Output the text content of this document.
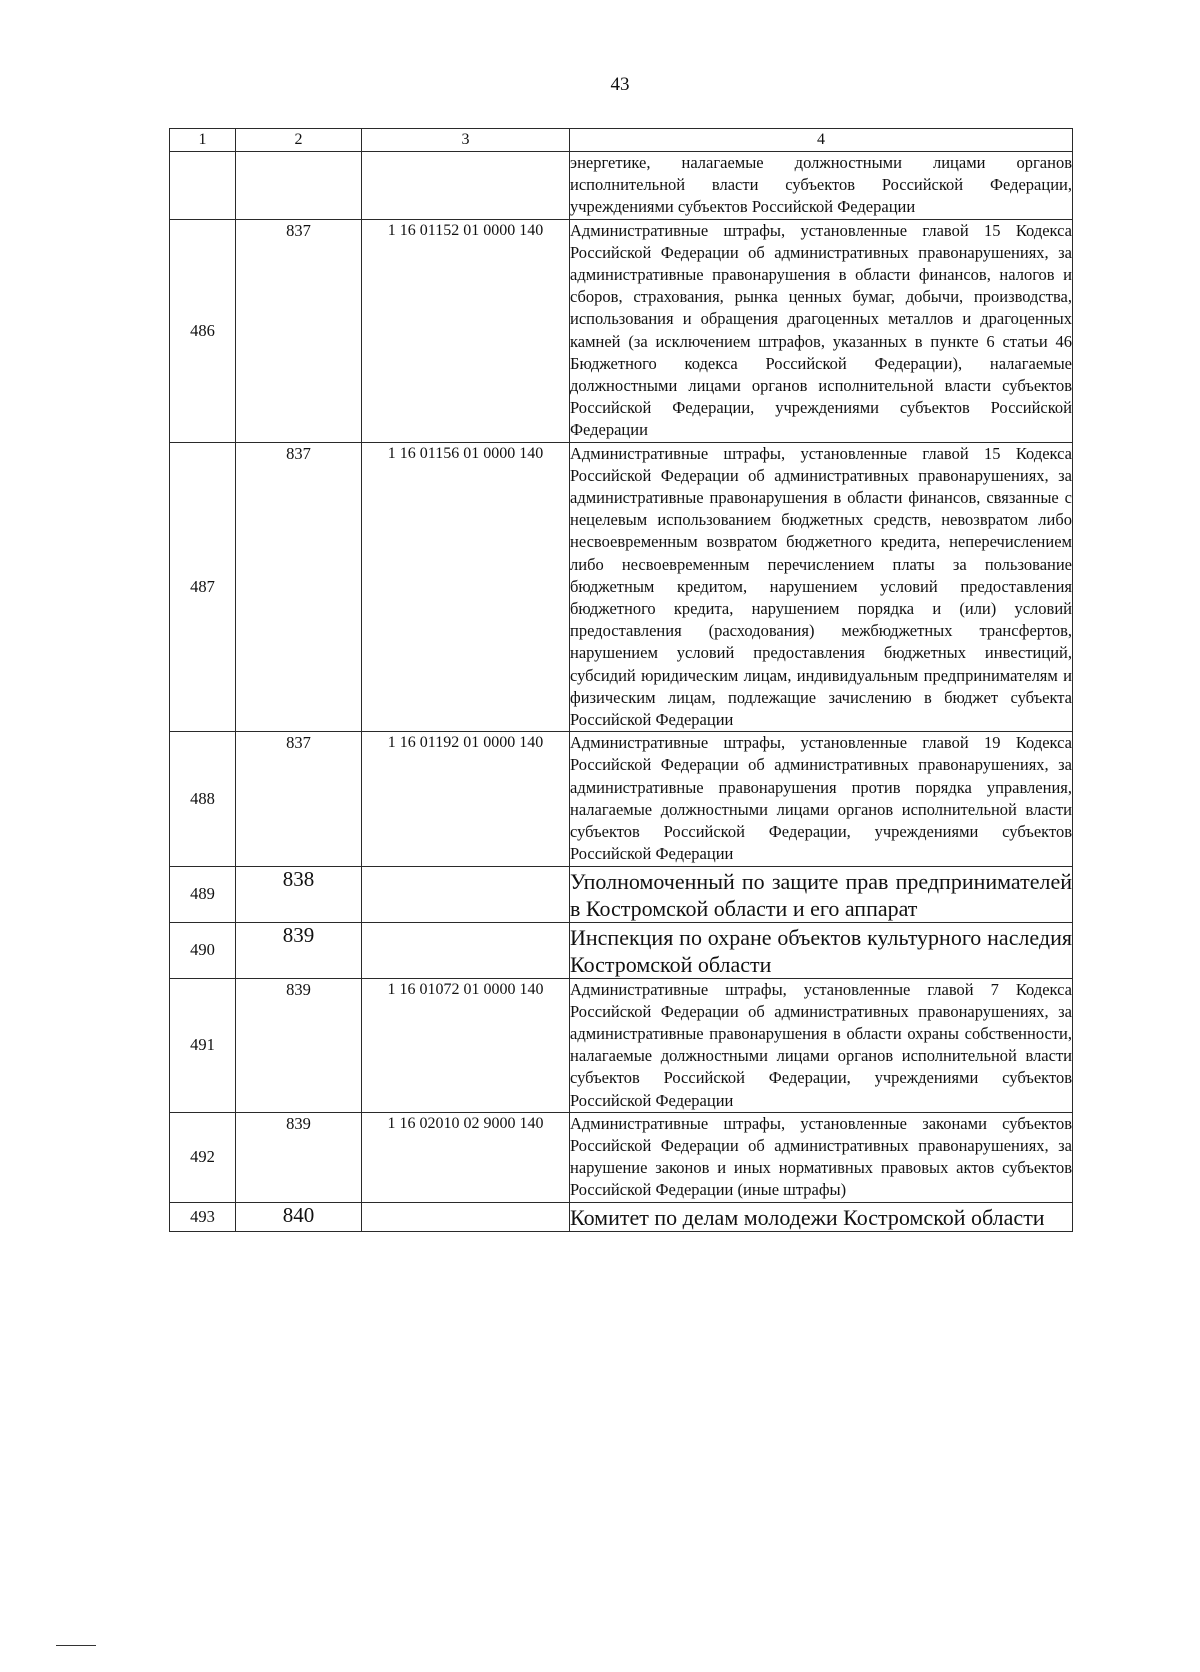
43
1	2	3	4
			энергетике, налагаемые должностными лицами органов исполнительной власти субъектов Российской Федерации, учреждениями субъектов Российской Федерации
486	837	1 16 01152 01 0000 140	Административные штрафы, установленные главой 15 Кодекса Российской Федерации об административных правонарушениях, за административные правонарушения в области финансов, налогов и сборов, страхования, рынка ценных бумаг, добычи, производства, использования и обращения драгоценных металлов и драгоценных камней (за исключением штрафов, указанных в пункте 6 статьи 46 Бюджетного кодекса Российской Федерации), налагаемые должностными лицами органов исполнительной власти субъектов Российской Федерации, учреждениями субъектов Российской Федерации
487	837	1 16 01156 01 0000 140	Административные штрафы, установленные главой 15 Кодекса Российской Федерации об административных правонарушениях, за административные правонарушения в области финансов, связанные с нецелевым использованием бюджетных средств, невозвратом либо несвоевременным возвратом бюджетного кредита, неперечислением либо несвоевременным перечислением платы за пользование бюджетным кредитом, нарушением условий предоставления бюджетного кредита, нарушением порядка и (или) условий предоставления (расходования) межбюджетных трансфертов, нарушением условий предоставления бюджетных инвестиций, субсидий юридическим лицам, индивидуальным предпринимателям и физическим лицам, подлежащие зачислению в бюджет субъекта Российской Федерации
488	837	1 16 01192 01 0000 140	Административные штрафы, установленные главой 19 Кодекса Российской Федерации об административных правонарушениях, за административные правонарушения против порядка управления, налагаемые должностными лицами органов исполнительной власти субъектов Российской Федерации, учреждениями субъектов Российской Федерации
489	838		Уполномоченный по защите прав предпринимателей в Костромской области и его аппарат
490	839		Инспекция по охране объектов культурного наследия Костромской области
491	839	1 16 01072 01 0000 140	Административные штрафы, установленные главой 7 Кодекса Российской Федерации об административных правонарушениях, за административные правонарушения в области охраны собственности, налагаемые должностными лицами органов исполнительной власти субъектов Российской Федерации, учреждениями субъектов Российской Федерации
492	839	1 16 02010 02 9000 140	Административные штрафы, установленные законами субъектов Российской Федерации об административных правонарушениях, за нарушение законов и иных нормативных правовых актов субъектов Российской Федерации (иные штрафы)
493	840		Комитет по делам молодежи Костромской области
